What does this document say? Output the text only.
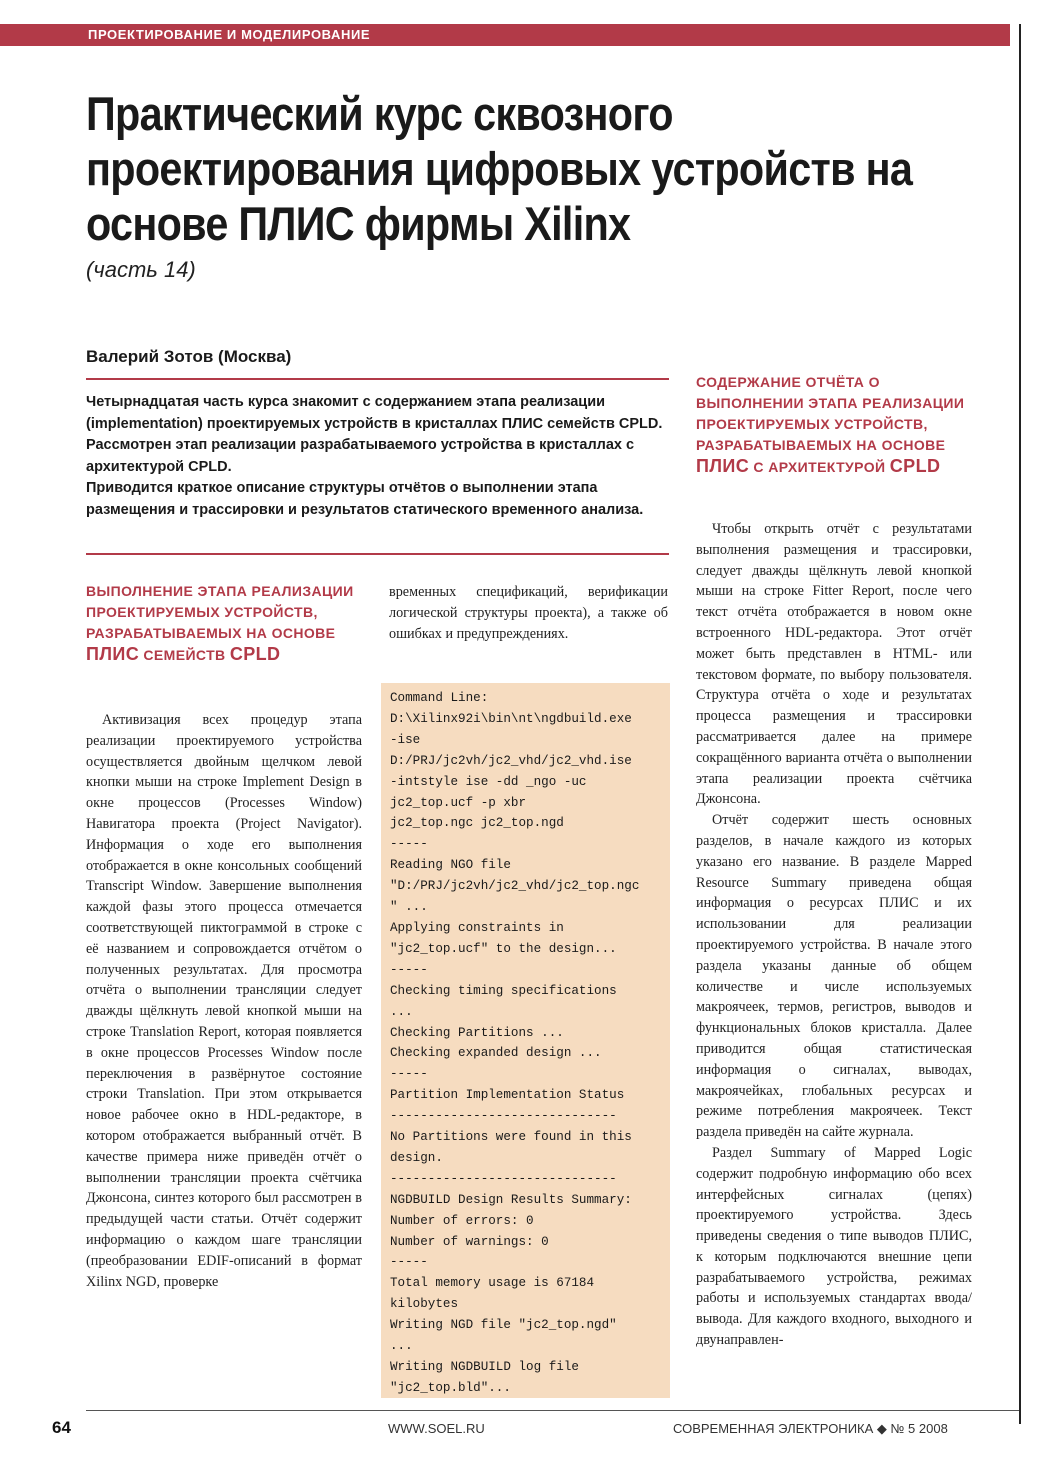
ПРОЕКТИРОВАНИЕ И МОДЕЛИРОВАНИЕ
Практический курс сквозного проектирования цифровых устройств на основе ПЛИС фирмы Xilinx
(часть 14)
Валерий Зотов (Москва)

Четырнадцатая часть курса знакомит с содержанием этапа реализации (implementation) проектируемых устройств в кристаллах ПЛИС семейств CPLD. Рассмотрен этап реализации разрабатываемого устройства в кристаллах с архитектурой CPLD.
Приводится краткое описание структуры отчётов о выполнении этапа размещения и трассировки и результатов статического временного анализа.

ВЫПОЛНЕНИЕ ЭТАПА РЕАЛИЗАЦИИ ПРОЕКТИРУЕМЫХ УСТРОЙСТВ, РАЗРАБАТЫВАЕМЫХ НА ОСНОВЕ ПЛИС СЕМЕЙСТВ CPLD

Активизация всех процедур этапа реализации проектируемого устройства осуществляется двойным щелчком левой кнопки мыши на строке Implement Design в окне процессов (Processes Window) Навигатора проекта (Project Navigator). Информация о ходе его выполнения отображается в окне консольных сообщений Transcript Window. Завершение выполнения каждой фазы этого процесса отмечается соответствующей пиктограммой в строке с её названием и сопровождается отчётом о полученных результатах. Для просмотра отчёта о выполнении трансляции следует дважды щёлкнуть левой кнопкой мыши на строке Translation Report, которая появляется в окне процессов Processes Window после переключения в развёрнутое состояние строки Translation. При этом открывается новое рабочее окно в HDL-редакторе, в котором отображается выбранный отчёт. В качестве примера ниже приведён отчёт о выполнении трансляции проекта счётчика Джонсона, синтез которого был рассмотрен в предыдущей части статьи. Отчёт содержит информацию о каждом шаге трансляции (преобразовании EDIF-описаний в формат Xilinx NGD, проверке

временных спецификаций, верификации логической структуры проекта), а также об ошибках и предупреждениях.

Command Line:
D:\Xilinx92i\bin\nt\ngdbuild.exe
-ise
D:/PRJ/jc2vh/jc2_vhd/jc2_vhd.ise
-intstyle ise -dd _ngo -uc
jc2_top.ucf -p xbr
jc2_top.ngc jc2_top.ngd
-----
Reading NGO file
"D:/PRJ/jc2vh/jc2_vhd/jc2_top.ngc
" ...
Applying constraints in
"jc2_top.ucf" to the design...
-----
Checking timing specifications
...
Checking Partitions ...
Checking expanded design ...
-----
Partition Implementation Status
------------------------------
No Partitions were found in this
design.
------------------------------
NGDBUILD Design Results Summary:
Number of errors: 0
Number of warnings: 0
-----
Total memory usage is 67184
kilobytes
Writing NGD file "jc2_top.ngd"
...
Writing NGDBUILD log file
"jc2_top.bld"...
СОДЕРЖАНИЕ ОТЧЁТА О ВЫПОЛНЕНИИ ЭТАПА РЕАЛИЗАЦИИ ПРОЕКТИРУЕМЫХ УСТРОЙСТВ, РАЗРАБАТЫВАЕМЫХ НА ОСНОВЕ ПЛИС С АРХИТЕКТУРОЙ CPLD

Чтобы открыть отчёт с результатами выполнения размещения и трассировки, следует дважды щёлкнуть левой кнопкой мыши на строке Fitter Report, после чего текст отчёта отображается в новом окне встроенного HDL-редактора. Этот отчёт может быть представлен в HTML- или текстовом формате, по выбору пользователя. Структура отчёта о ходе и результатах процесса размещения и трассировки рассматривается далее на примере сокращённого варианта отчёта о выполнении этапа реализации проекта счётчика Джонсона.

Отчёт содержит шесть основных разделов, в начале каждого из которых указано его название. В разделе Mapped Resource Summary приведена общая информация о ресурсах ПЛИС и их использовании для реализации проектируемого устройства. В начале этого раздела указаны данные об общем количестве и числе используемых макроячеек, термов, регистров, выводов и функциональных блоков кристалла. Далее приводится общая статистическая информация о сигналах, выводах, макроячейках, глобальных ресурсах и режиме потребления макроячеек. Текст раздела приведён на сайте журнала.

Раздел Summary of Mapped Logic содержит подробную информацию обо всех интерфейсных сигналах (цепях) проектируемого устройства. Здесь приведены сведения о типе выводов ПЛИС, к которым подключаются внешние цепи разрабатываемого устройства, режимах работы и используемых стандартах ввода/вывода. Для каждого входного, выходного и двунаправлен-

64	WWW.SOEL.RU	СОВРЕМЕННАЯ ЭЛЕКТРОНИКА ◆ № 5 2008
